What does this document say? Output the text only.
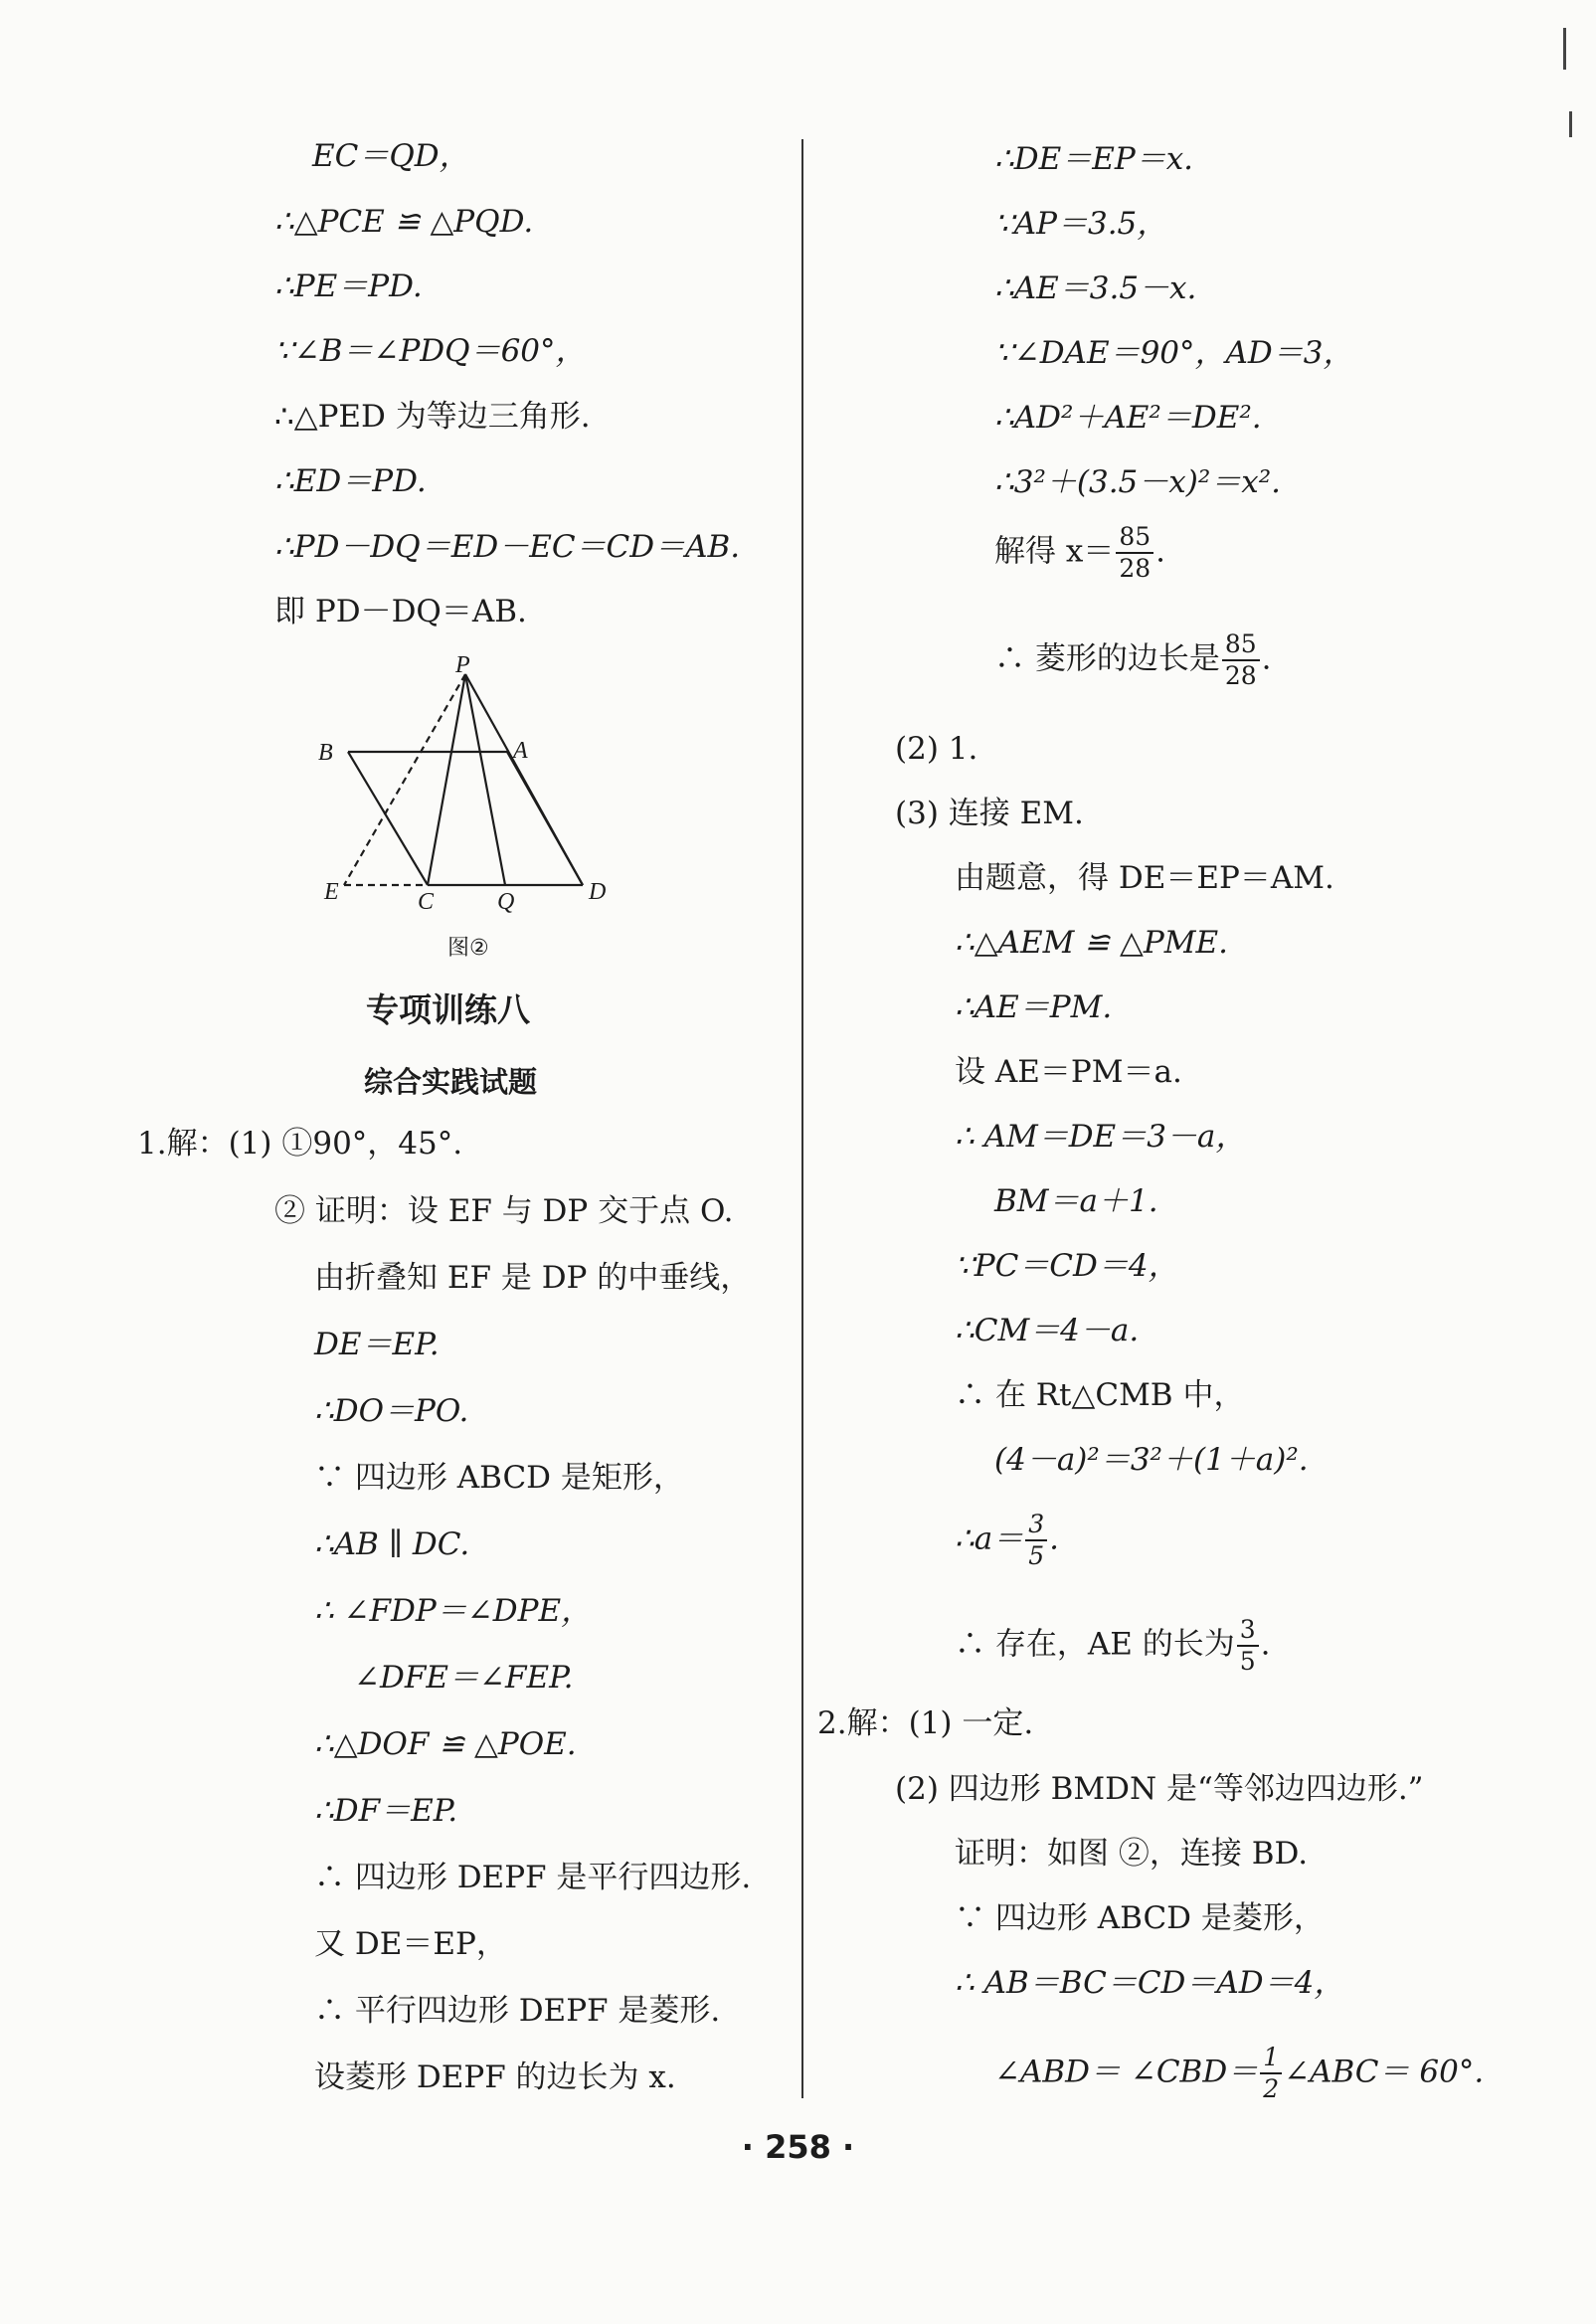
EC＝QD，
∴△PCE ≌ △PQD.
∴PE＝PD.
∵∠B＝∠PDQ＝60°，
∴△PED 为等边三角形.
∴ED＝PD.
∴PD－DQ＝ED－EC＝CD＝AB.
即 PD－DQ＝AB.
P
B	A
E	C	Q	D
图②
专项训练八
综合实践试题
1.解：(1) ①90°，45°.
② 证明：设 EF 与 DP 交于点 O.
由折叠知 EF 是 DP 的中垂线，
DE＝EP.
∴DO＝PO.
∵ 四边形 ABCD 是矩形，
∴AB ∥ DC.
∴ ∠FDP＝∠DPE，
∠DFE＝∠FEP.
∴△DOF ≌ △POE.
∴DF＝EP.
∴ 四边形 DEPF 是平行四边形.
又 DE＝EP，
∴ 平行四边形 DEPF 是菱形.
设菱形 DEPF 的边长为 x.
∴DE＝EP＝x.
∵AP＝3.5，
∴AE＝3.5－x.
∵∠DAE＝90°，AD＝3，
∴AD²＋AE²＝DE².
∴3²＋(3.5－x)²＝x².
解得 $x= \frac{85}{28}$ .
∴ 菱形的边长是 $\frac{85}{28}$ .
(2) 1.
(3) 连接 EM.
由题意，得 DE＝EP＝AM.
∴△AEM ≌ △PME.
∴AE＝PM.
设 AE＝PM＝a.
∴ AM＝DE＝3－a，
BM＝a＋1.
∵PC＝CD＝4，
∴CM＝4－a.
∴ 在 Rt△CMB 中，
(4－a)²＝3²＋(1＋a)².
∴a＝ $\frac{3}{5}$ .
∴ 存在，AE 的长为 $\frac{3}{5}$ .
2.解：(1) 一定.
(2) 四边形 BMDN 是“等邻边四边形.”
证明：如图 ②，连接 BD.
∵ 四边形 ABCD 是菱形，
∴ AB＝BC＝CD＝AD＝4，
∠ABD＝ ∠CBD＝ $\frac{1}{2}$ ∠ABC＝ 60°.
· 258 ·
